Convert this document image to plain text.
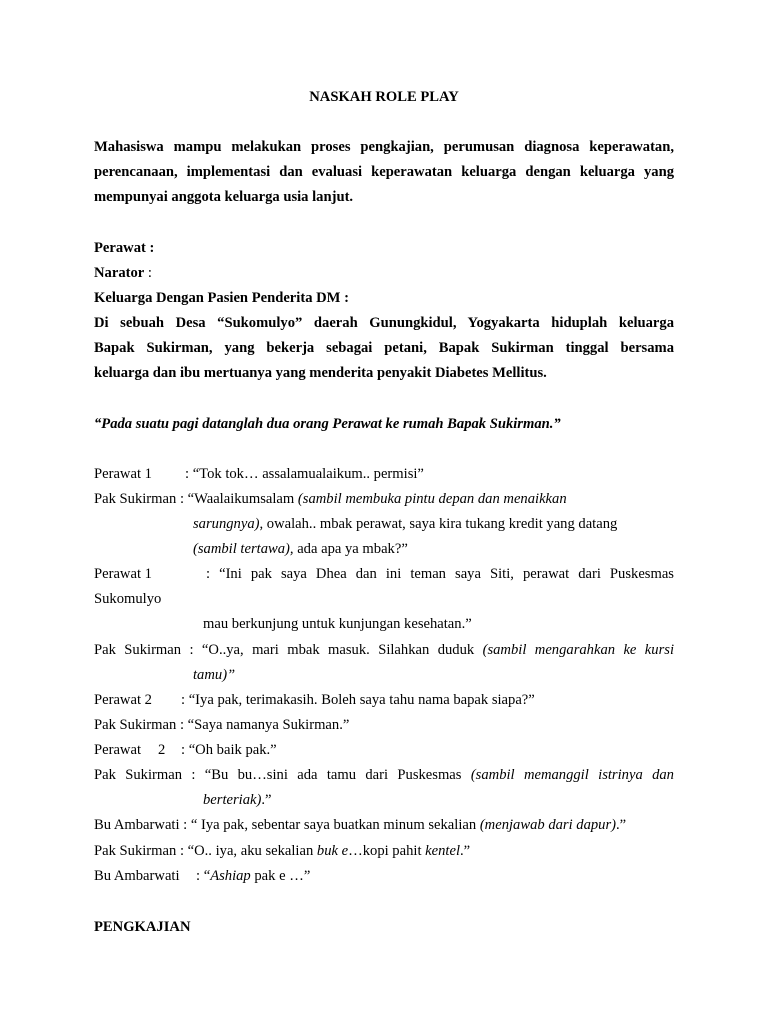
NASKAH ROLE PLAY
Mahasiswa mampu melakukan proses pengkajian, perumusan diagnosa keperawatan,
perencanaan, implementasi dan evaluasi keperawatan keluarga dengan keluarga yang
mempunyai anggota keluarga usia lanjut.
Perawat :
Narator :
Keluarga Dengan Pasien Penderita DM :
Di sebuah Desa “Sukomulyo” daerah Gunungkidul, Yogyakarta hiduplah keluarga
Bapak Sukirman, yang bekerja sebagai petani, Bapak Sukirman tinggal bersama
keluarga dan ibu mertuanya yang menderita penyakit Diabetes Mellitus.
“Pada suatu pagi datanglah dua orang Perawat ke rumah Bapak Sukirman.”
Perawat 1 : “Tok tok… assalamualaikum.. permisi”
Pak Sukirman : “Waalaikumsalam (sambil membuka pintu depan dan menaikkan
sarungnya), owalah.. mbak perawat, saya kira tukang kredit yang datang
(sambil tertawa), ada apa ya mbak?”
Perawat 1	: “Ini pak saya Dhea dan ini teman saya Siti, perawat dari Puskesmas
Sukomulyo
mau berkunjung untuk kunjungan kesehatan.”
Pak Sukirman : “O..ya, mari mbak masuk. Silahkan duduk (sambil mengarahkan ke kursi
tamu)”
Perawat 2 : “Iya pak, terimakasih. Boleh saya tahu nama bapak siapa?”
Pak Sukirman : “Saya namanya Sukirman.”
Perawat 2 : “Oh baik pak.”
Pak Sukirman : “Bu bu…sini ada tamu dari Puskesmas (sambil memanggil istrinya dan
berteriak).”
Bu Ambarwati : “ Iya pak, sebentar saya buatkan minum sekalian (menjawab dari dapur).”
Pak Sukirman : “O.. iya, aku sekalian buk e…kopi pahit kentel.”
Bu Ambarwati : “Ashiap pak e …”
PENGKAJIAN
